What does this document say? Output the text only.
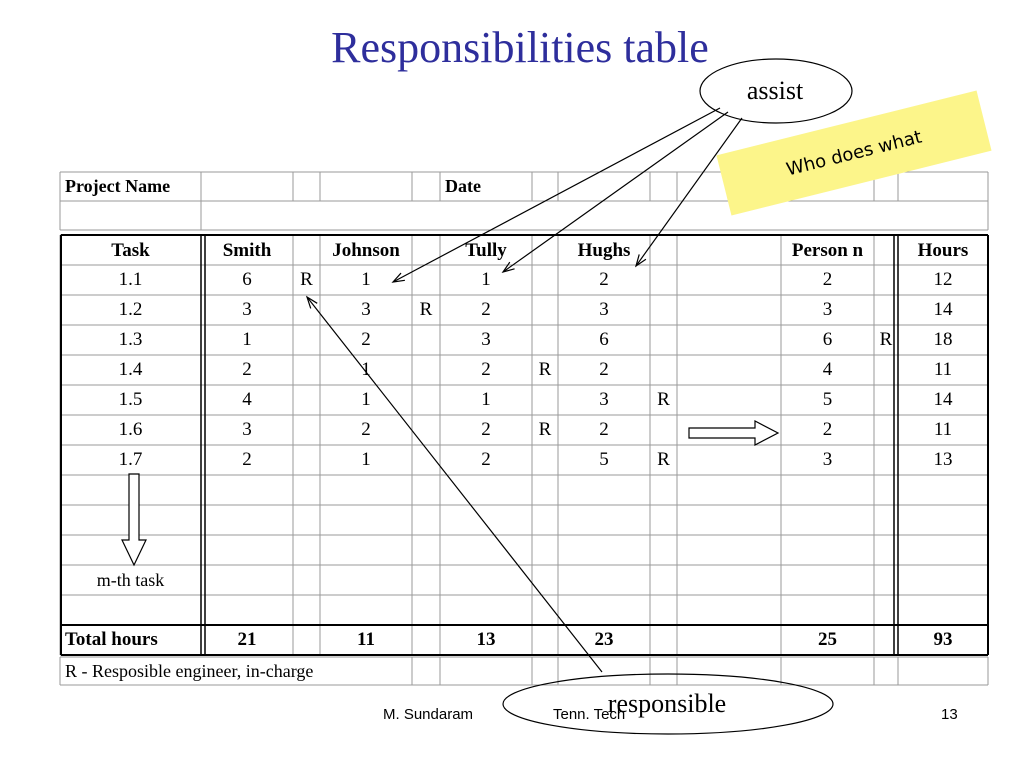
Responsibilities table
Project Name	Date
Task	Smith	Johnson	Tully	Hughs	Person n	Hours
1.1	6	R	1	1	2	2	12
1.2	3	3	R	2	3	3	14
1.3	1	2	3	6	6	R	18
1.4	2	1	2	R	2	4	11
1.5	4	1	1	3	R	5	14
1.6	3	2	2	R	2	2	11
1.7	2	1	2	5	R	3	13
m-th task
Total hours	21	11	13	23	25	93
R - Resposible engineer, in-charge
Who does what
assist
M. Sundaram	Tenn. Tech	13
responsible
